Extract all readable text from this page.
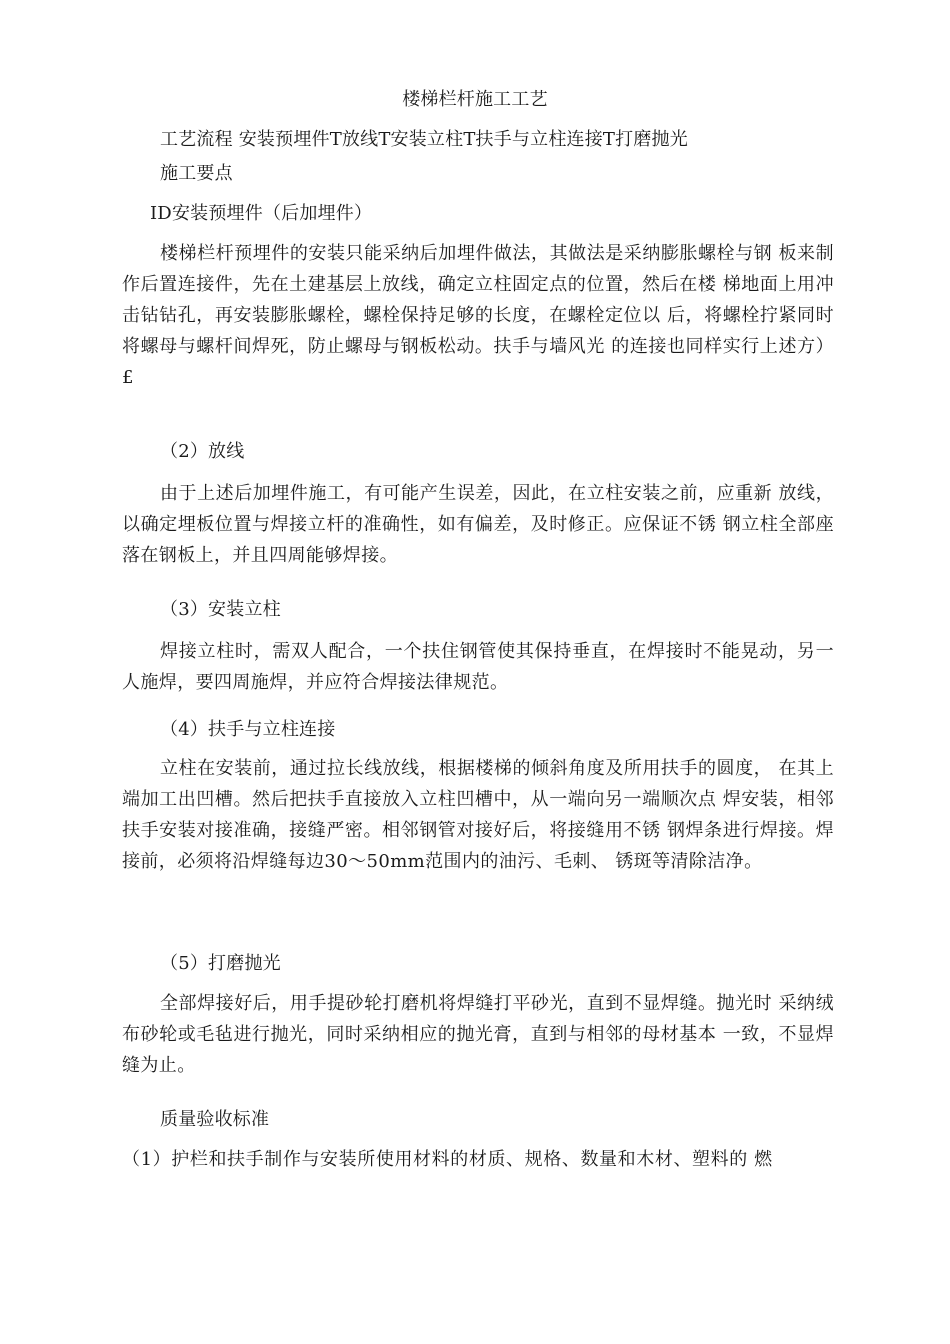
楼梯栏杆施工工艺
工艺流程 安装预埋件T放线T安装立柱T扶手与立柱连接T打磨抛光
施工要点
ID安装预埋件（后加埋件）
楼梯栏杆预埋件的安装只能采纳后加埋件做法，其做法是采纳膨胀螺栓与钢 板来制作后置连接件，先在土建基层上放线，确定立柱固定点的位置，然后在楼 梯地面上用冲击钻钻孔，再安装膨胀螺栓，螺栓保持足够的长度，在螺栓定位以 后，将螺栓拧紧同时将螺母与螺杆间焊死，防止螺母与钢板松动。扶手与墙风光 的连接也同样实行上述方）£
（2）放线
由于上述后加埋件施工，有可能产生误差，因此，在立柱安装之前，应重新 放线，以确定埋板位置与焊接立杆的准确性，如有偏差，及时修正。应保证不锈 钢立柱全部座落在钢板上，并且四周能够焊接。
（3）安装立柱
焊接立柱时，需双人配合，一个扶住钢管使其保持垂直，在焊接时不能晃动，另一人施焊，要四周施焊，并应符合焊接法律规范。
（4）扶手与立柱连接
立柱在安装前，通过拉长线放线，根据楼梯的倾斜角度及所用扶手的圆度， 在其上端加工出凹槽。然后把扶手直接放入立柱凹槽中，从一端向另一端顺次点 焊安装，相邻扶手安装对接准确，接缝严密。相邻钢管对接好后，将接缝用不锈 钢焊条进行焊接。焊接前，必须将沿焊缝每边30〜50mm范围内的油污、毛刺、 锈斑等清除洁净。
（5）打磨抛光
全部焊接好后，用手提砂轮打磨机将焊缝打平砂光，直到不显焊缝。抛光时 采纳绒布砂轮或毛毡进行抛光，同时采纳相应的抛光膏，直到与相邻的母材基本 一致，不显焊缝为止。
质量验收标准
（1）护栏和扶手制作与安装所使用材料的材质、规格、数量和木材、塑料的 燃
